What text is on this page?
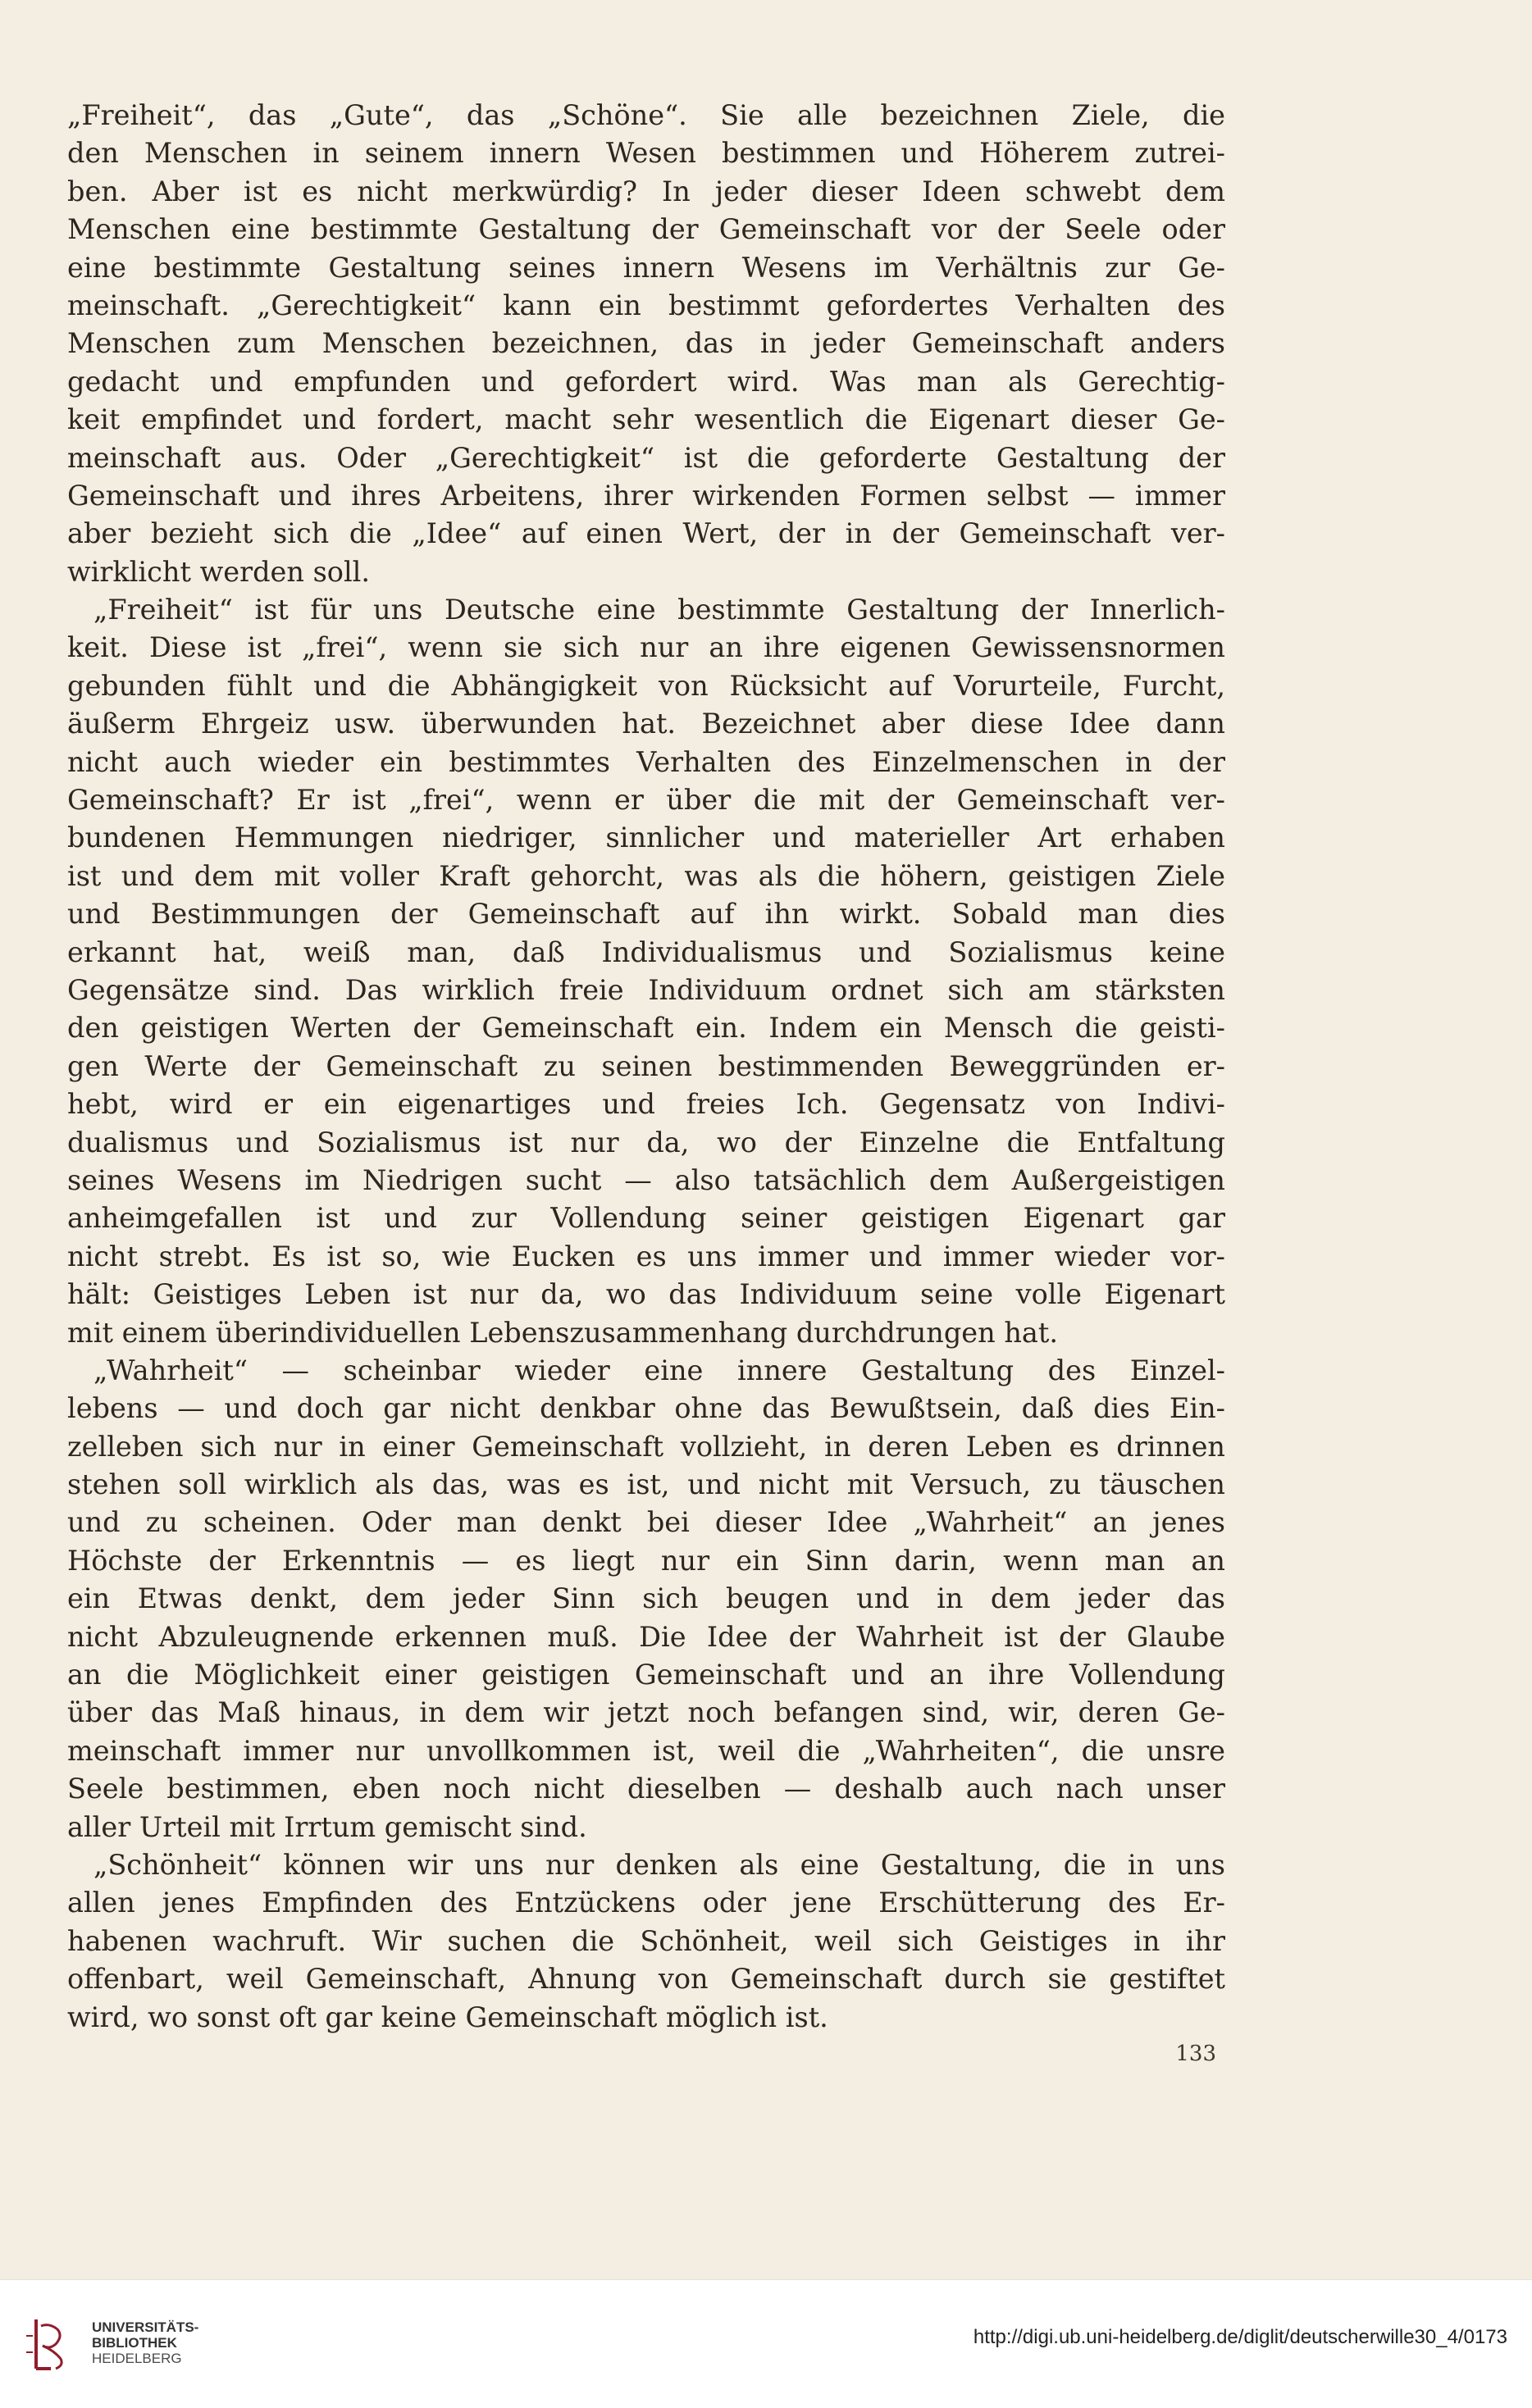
„Freiheit“, das „Gute“, das „Schöne“. Sie alle bezeichnen Ziele, die
den Menschen in seinem innern Wesen bestimmen und Höherem zutrei-
ben. Aber ist es nicht merkwürdig? In jeder dieser Ideen schwebt dem
Menschen eine bestimmte Gestaltung der Gemeinschaft vor der Seele oder
eine bestimmte Gestaltung seines innern Wesens im Verhältnis zur Ge-
meinschaft. „Gerechtigkeit“ kann ein bestimmt gefordertes Verhalten des
Menschen zum Menschen bezeichnen, das in jeder Gemeinschaft anders
gedacht und empfunden und gefordert wird. Was man als Gerechtig-
keit empfindet und fordert, macht sehr wesentlich die Eigenart dieser Ge-
meinschaft aus. Oder „Gerechtigkeit“ ist die geforderte Gestaltung der
Gemeinschaft und ihres Arbeitens, ihrer wirkenden Formen selbst — immer
aber bezieht sich die „Idee“ auf einen Wert, der in der Gemeinschaft ver-
wirklicht werden soll.
„Freiheit“ ist für uns Deutsche eine bestimmte Gestaltung der Innerlich-
keit. Diese ist „frei“, wenn sie sich nur an ihre eigenen Gewissensnormen
gebunden fühlt und die Abhängigkeit von Rücksicht auf Vorurteile, Furcht,
äußerm Ehrgeiz usw. überwunden hat. Bezeichnet aber diese Idee dann
nicht auch wieder ein bestimmtes Verhalten des Einzelmenschen in der
Gemeinschaft? Er ist „frei“, wenn er über die mit der Gemeinschaft ver-
bundenen Hemmungen niedriger, sinnlicher und materieller Art erhaben
ist und dem mit voller Kraft gehorcht, was als die höhern, geistigen Ziele
und Bestimmungen der Gemeinschaft auf ihn wirkt. Sobald man dies
erkannt hat, weiß man, daß Individualismus und Sozialismus keine
Gegensätze sind. Das wirklich freie Individuum ordnet sich am stärksten
den geistigen Werten der Gemeinschaft ein. Indem ein Mensch die geisti-
gen Werte der Gemeinschaft zu seinen bestimmenden Beweggründen er-
hebt, wird er ein eigenartiges und freies Ich. Gegensatz von Indivi-
dualismus und Sozialismus ist nur da, wo der Einzelne die Entfaltung
seines Wesens im Niedrigen sucht — also tatsächlich dem Außergeistigen
anheimgefallen ist und zur Vollendung seiner geistigen Eigenart gar
nicht strebt. Es ist so, wie Eucken es uns immer und immer wieder vor-
hält: Geistiges Leben ist nur da, wo das Individuum seine volle Eigenart
mit einem überindividuellen Lebenszusammenhang durchdrungen hat.
„Wahrheit“ — scheinbar wieder eine innere Gestaltung des Einzel-
lebens — und doch gar nicht denkbar ohne das Bewußtsein, daß dies Ein-
zelleben sich nur in einer Gemeinschaft vollzieht, in deren Leben es drinnen
stehen soll wirklich als das, was es ist, und nicht mit Versuch, zu täuschen
und zu scheinen. Oder man denkt bei dieser Idee „Wahrheit“ an jenes
Höchste der Erkenntnis — es liegt nur ein Sinn darin, wenn man an
ein Etwas denkt, dem jeder Sinn sich beugen und in dem jeder das
nicht Abzuleugnende erkennen muß. Die Idee der Wahrheit ist der Glaube
an die Möglichkeit einer geistigen Gemeinschaft und an ihre Vollendung
über das Maß hinaus, in dem wir jetzt noch befangen sind, wir, deren Ge-
meinschaft immer nur unvollkommen ist, weil die „Wahrheiten“, die unsre
Seele bestimmen, eben noch nicht dieselben — deshalb auch nach unser
aller Urteil mit Irrtum gemischt sind.
„Schönheit“ können wir uns nur denken als eine Gestaltung, die in uns
allen jenes Empfinden des Entzückens oder jene Erschütterung des Er-
habenen wachruft. Wir suchen die Schönheit, weil sich Geistiges in ihr
offenbart, weil Gemeinschaft, Ahnung von Gemeinschaft durch sie gestiftet
wird, wo sonst oft gar keine Gemeinschaft möglich ist.
133
UNIVERSITÄTS-
BIBLIOTHEK
HEIDELBERG
http://digi.ub.uni-heidelberg.de/diglit/deutscherwille30_4/0173
